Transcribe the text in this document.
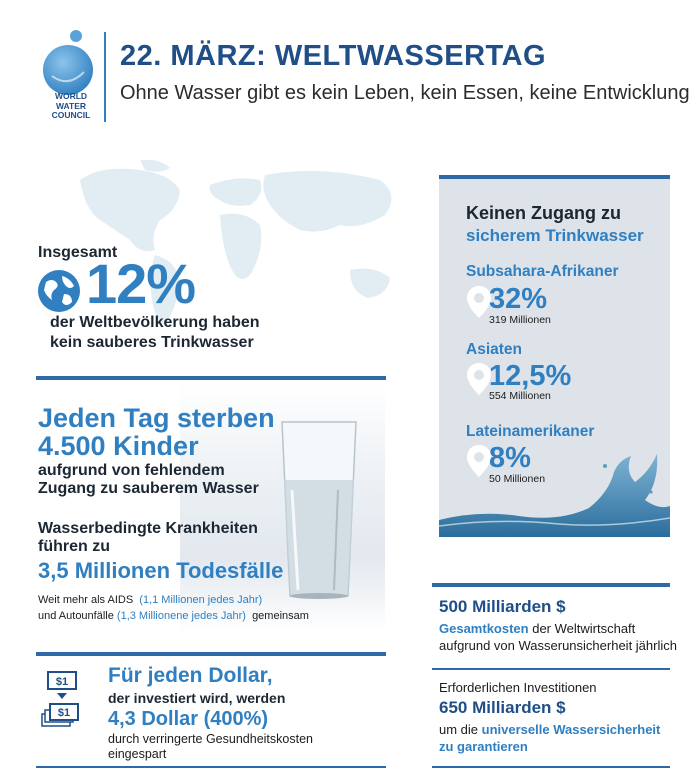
WORLD
WATER
COUNCIL
22. MÄRZ: WELTWASSERTAG
Ohne Wasser gibt es kein Leben, kein Essen, keine Entwicklung
Insgesamt
12%
der Weltbevölkerung haben
kein sauberes Trinkwasser
Jeden Tag sterben
4.500 Kinder
aufgrund von fehlendem
Zugang zu sauberem Wasser
Wasserbedingte Krankheiten
führen zu
3,5 Millionen Todesfälle
Weit mehr als AIDS (1,1 Millionen jedes Jahr)
und Autounfälle (1,3 Millionene jedes Jahr) gemeinsam
$1
$1
Für jeden Dollar,
der investiert wird, werden
4,3 Dollar (400%)
durch verringerte Gesundheitskosten
eingespart
Keinen Zugang zu
sicherem Trinkwasser
Subsahara-Afrikaner
32%
319 Millionen
Asiaten
12,5%
554 Millionen
Lateinamerikaner
8%
50 Millionen
500 Milliarden $
Gesamtkosten der Weltwirtschaft
aufgrund von Wasserunsicherheit jährlich
Erforderlichen Investitionen
650 Milliarden $
um die universelle Wassersicherheit
zu garantieren
